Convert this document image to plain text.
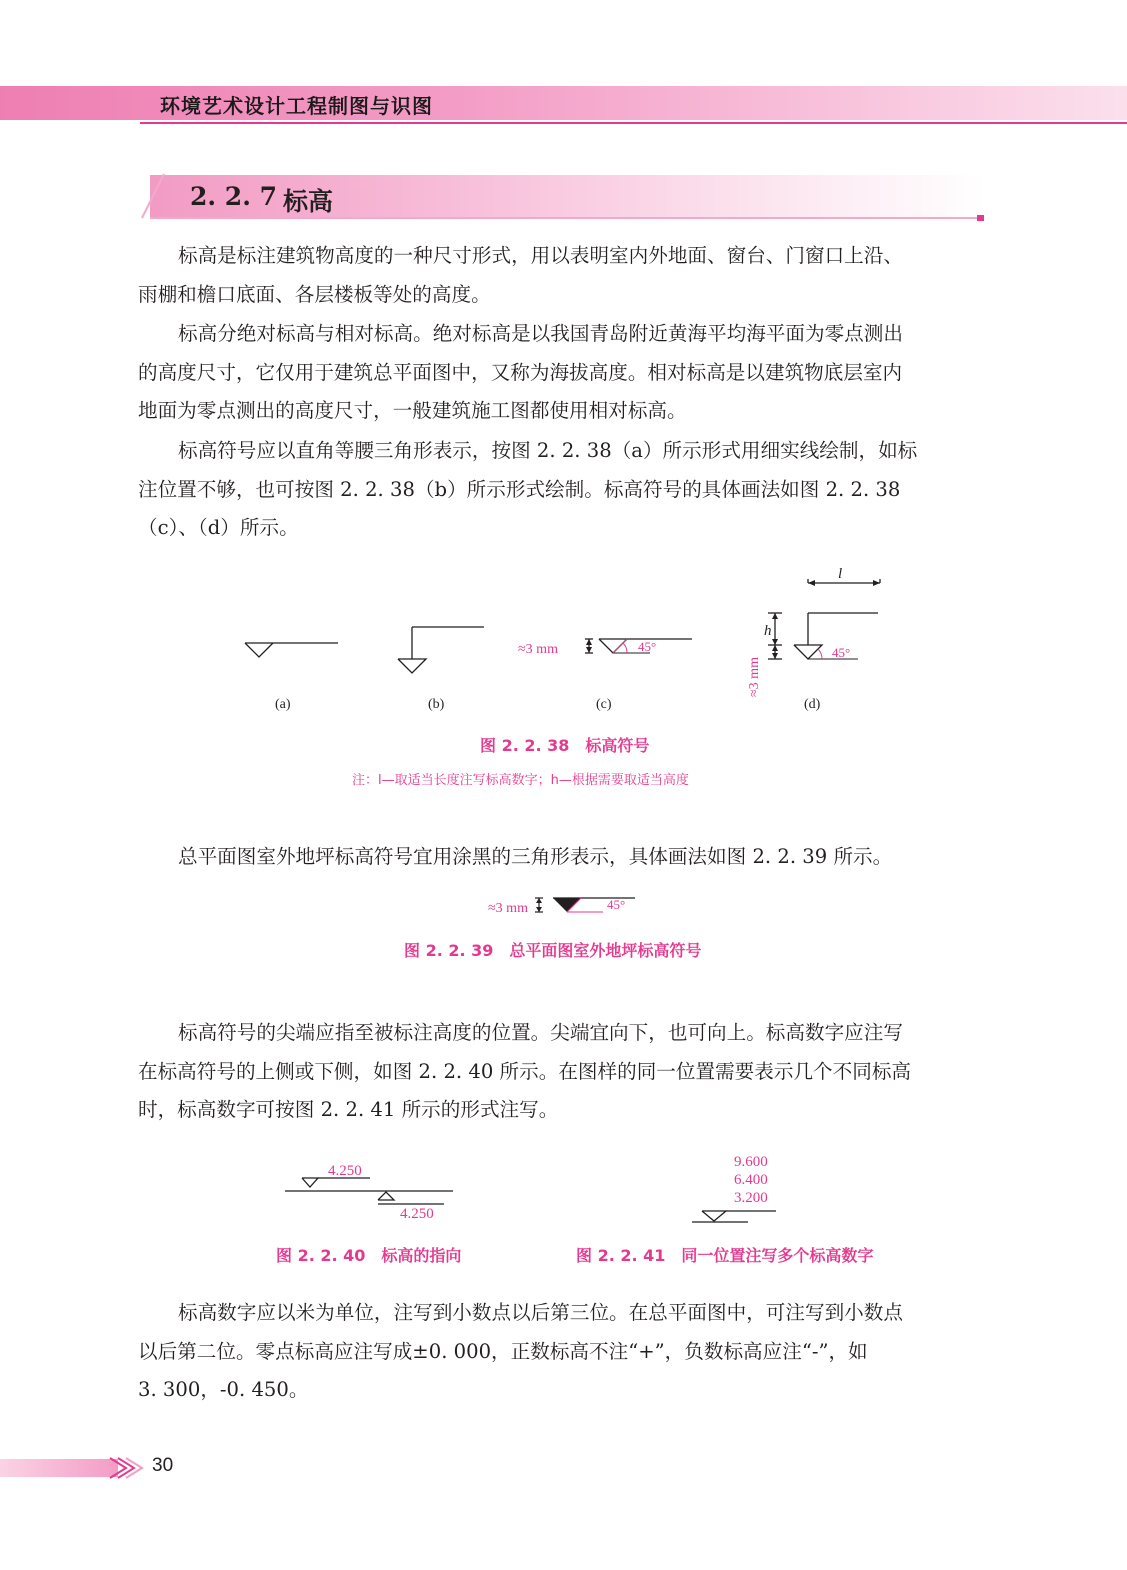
环境艺术设计工程制图与识图
2. 2. 7 标高
标高是标注建筑物高度的一种尺寸形式，用以表明室内外地面、窗台、门窗口上沿、
雨棚和檐口底面、各层楼板等处的高度。
标高分绝对标高与相对标高。绝对标高是以我国青岛附近黄海平均海平面为零点测出
的高度尺寸，它仅用于建筑总平面图中，又称为海拔高度。相对标高是以建筑物底层室内
地面为零点测出的高度尺寸，一般建筑施工图都使用相对标高。
标高符号应以直角等腰三角形表示，按图 2. 2. 38（a）所示形式用细实线绘制，如标
注位置不够，也可按图 2. 2. 38（b）所示形式绘制。标高符号的具体画法如图 2. 2. 38
（c）、（d）所示。
≈3 mm	45°
l
h
≈3 mm
45°
(a)	(b)	(c)	(d)
图 2. 2. 38　标高符号
注：l—取适当长度注写标高数字；h—根据需要取适当高度
总平面图室外地坪标高符号宜用涂黑的三角形表示，具体画法如图 2. 2. 39 所示。
≈3 mm	45°
图 2. 2. 39　总平面图室外地坪标高符号
标高符号的尖端应指至被标注高度的位置。尖端宜向下，也可向上。标高数字应注写
在标高符号的上侧或下侧，如图 2. 2. 40 所示。在图样的同一位置需要表示几个不同标高
时，标高数字可按图 2. 2. 41 所示的形式注写。
4.250
4.250
图 2. 2. 40　标高的指向
9.600
6.400
3.200
图 2. 2. 41　同一位置注写多个标高数字
标高数字应以米为单位，注写到小数点以后第三位。在总平面图中，可注写到小数点
以后第二位。零点标高应注写成±0. 000，正数标高不注“+”，负数标高应注“-”，如
3. 300，-0. 450。
30
